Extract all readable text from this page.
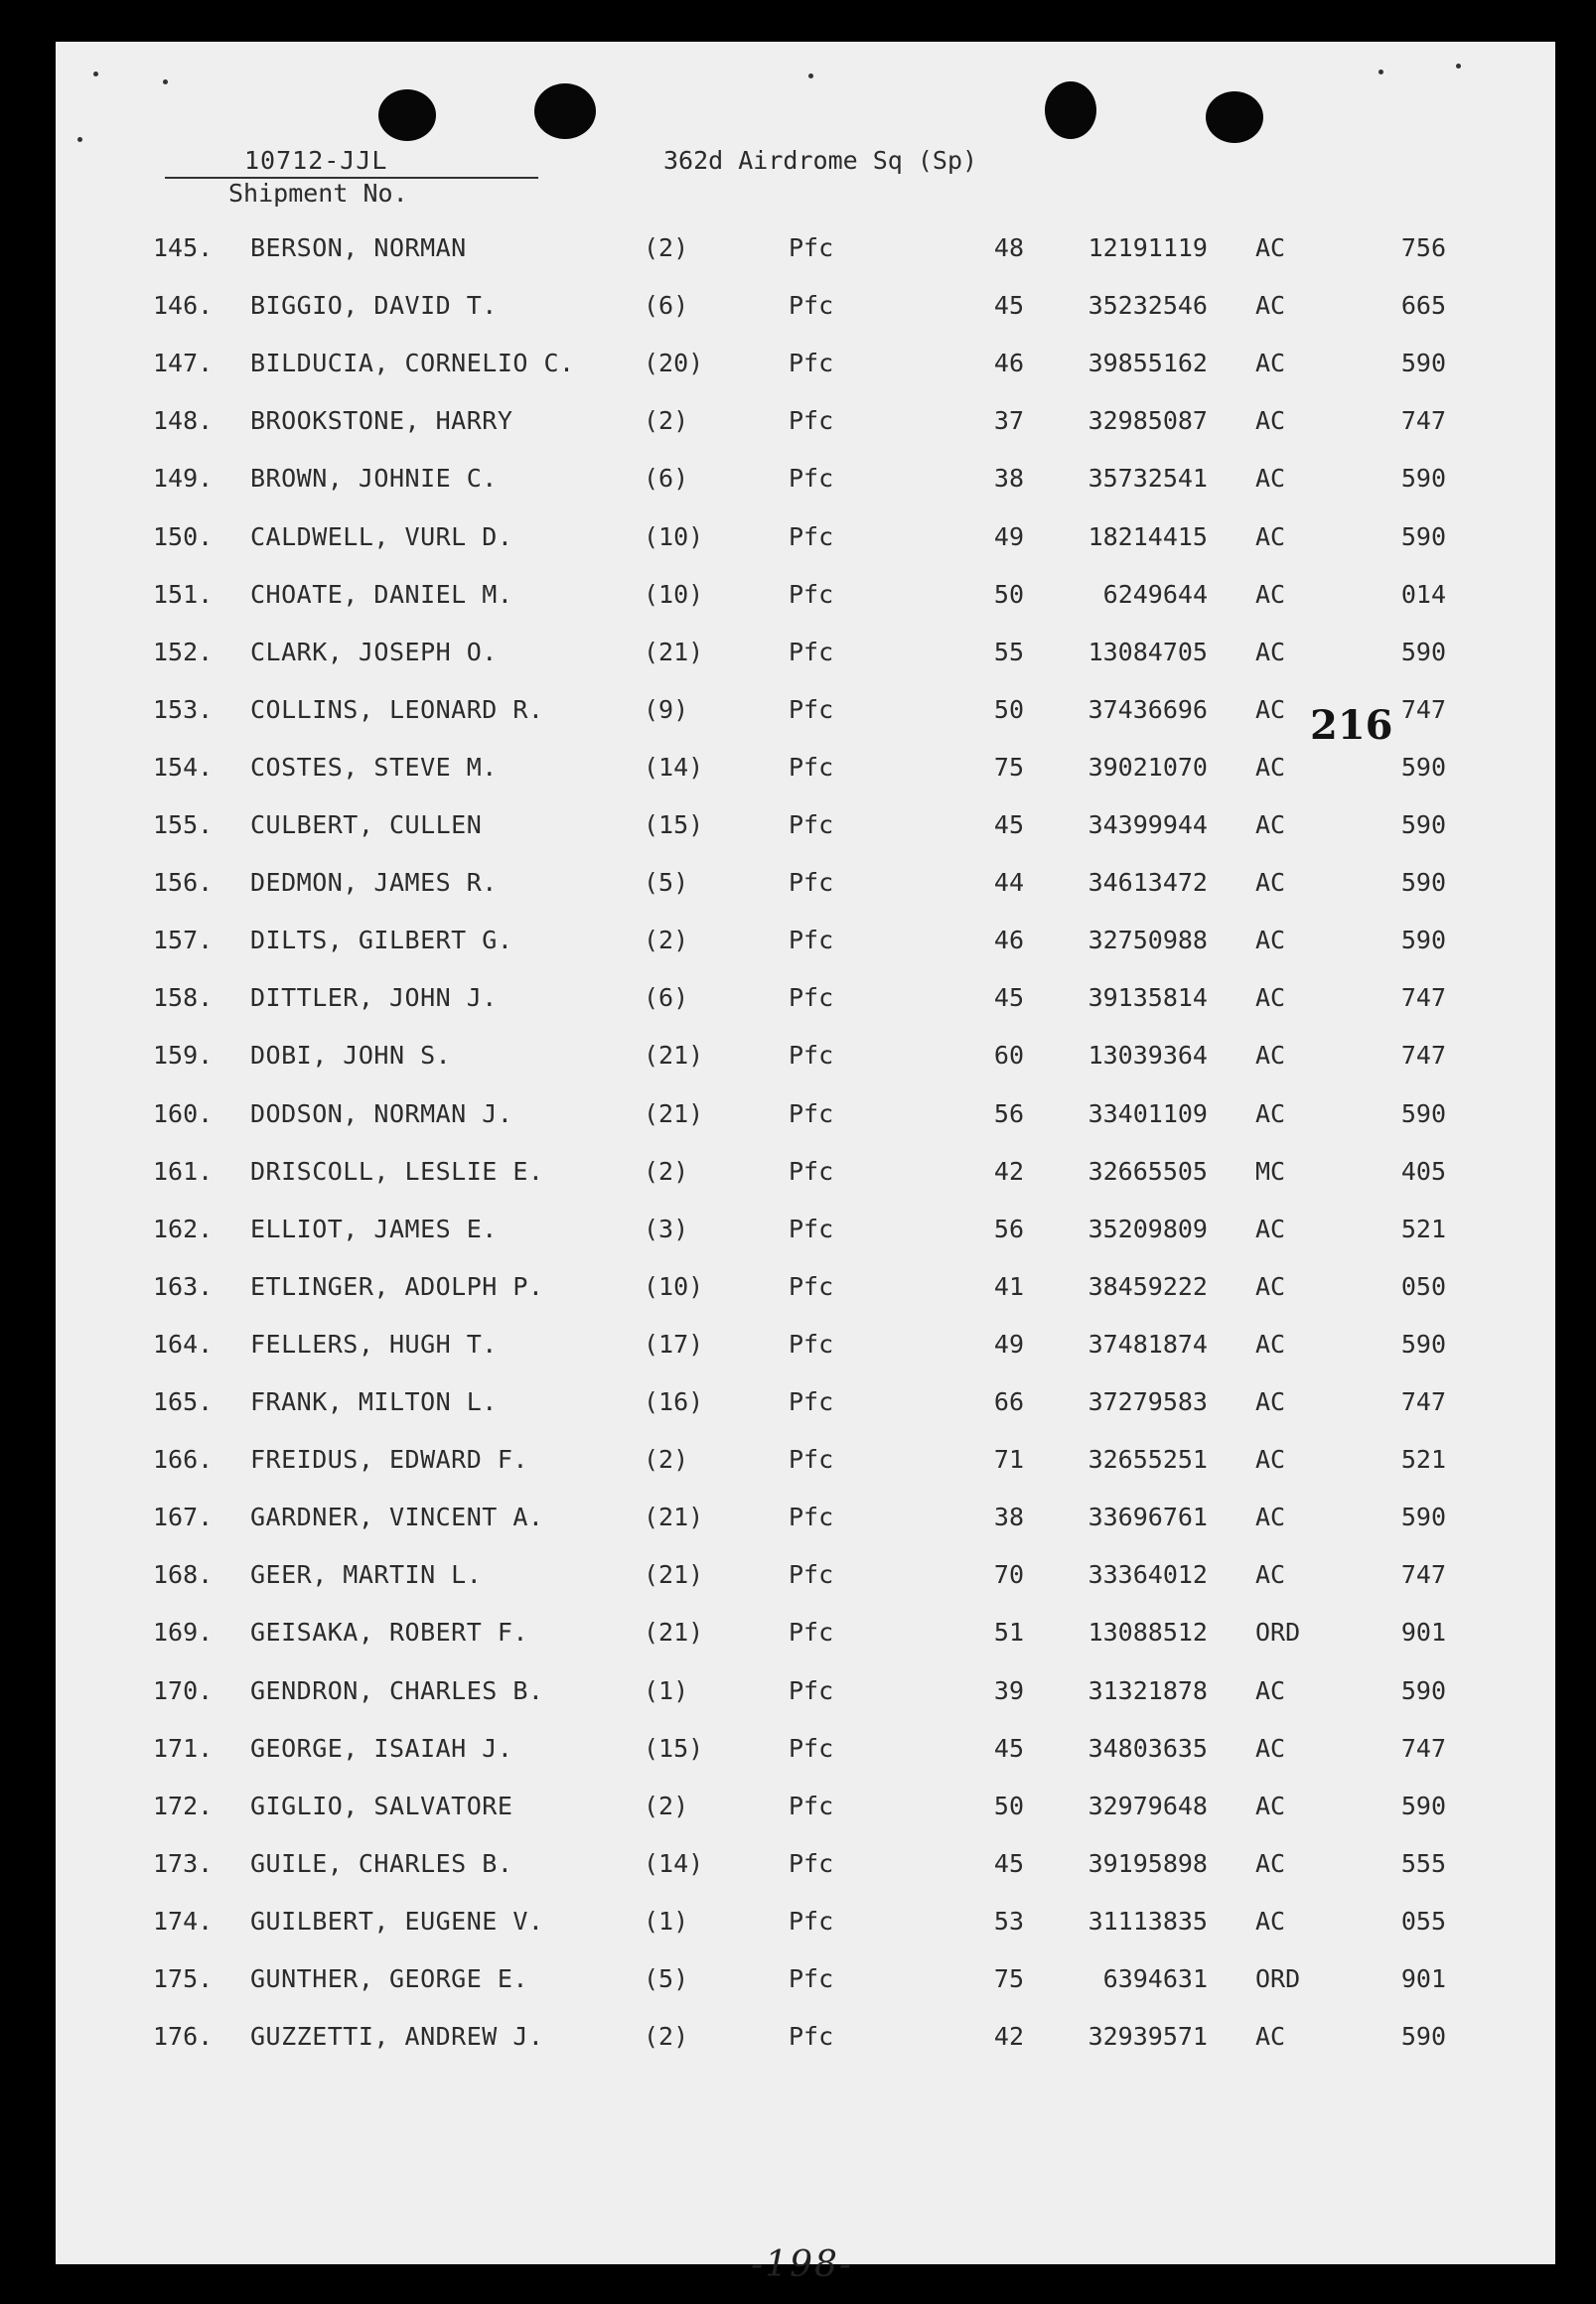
10712-JJL
Shipment No.
362d Airdrome Sq (Sp)
145. BERSON, NORMAN	(2)	Pfc	48	12191119 AC	756
146. BIGGIO, DAVID T.	(6)	Pfc	45	35232546 AC	665
147. BILDUCIA, CORNELIO C.	(20)	Pfc	46	39855162 AC	590
148. BROOKSTONE, HARRY	(2)	Pfc	37	32985087 AC	747
149. BROWN, JOHNIE C.	(6)	Pfc	38	35732541 AC	590
150. CALDWELL, VURL D.	(10)	Pfc	49	18214415 AC	590
151. CHOATE, DANIEL M.	(10)	Pfc	50	6249644 AC	014
152. CLARK, JOSEPH O.	(21)	Pfc	55	13084705 AC	590
153. COLLINS, LEONARD R.	(9)	Pfc	50	37436696 AC	747
154. COSTES, STEVE M.	(14)	Pfc	75	39021070 AC	590
155. CULBERT, CULLEN	(15)	Pfc	45	34399944 AC	590
156. DEDMON, JAMES R.	(5)	Pfc	44	34613472 AC	590
157. DILTS, GILBERT G.	(2)	Pfc	46	32750988 AC	590
158. DITTLER, JOHN J.	(6)	Pfc	45	39135814 AC	747
159. DOBI, JOHN S.	(21)	Pfc	60	13039364 AC	747
160. DODSON, NORMAN J.	(21)	Pfc	56	33401109 AC	590
161. DRISCOLL, LESLIE E.	(2)	Pfc	42	32665505 MC	405
162. ELLIOT, JAMES E.	(3)	Pfc	56	35209809 AC	521
163. ETLINGER, ADOLPH P.	(10)	Pfc	41	38459222 AC	050
164. FELLERS, HUGH T.	(17)	Pfc	49	37481874 AC	590
165. FRANK, MILTON L.	(16)	Pfc	66	37279583 AC	747
166. FREIDUS, EDWARD F.	(2)	Pfc	71	32655251 AC	521
167. GARDNER, VINCENT A.	(21)	Pfc	38	33696761 AC	590
168. GEER, MARTIN L.	(21)	Pfc	70	33364012 AC	747
169. GEISAKA, ROBERT F.	(21)	Pfc	51	13088512 ORD	901
170. GENDRON, CHARLES B.	(1)	Pfc	39	31321878 AC	590
171. GEORGE, ISAIAH J.	(15)	Pfc	45	34803635 AC	747
172. GIGLIO, SALVATORE	(2)	Pfc	50	32979648 AC	590
173. GUILE, CHARLES B.	(14)	Pfc	45	39195898 AC	555
174. GUILBERT, EUGENE V.	(1)	Pfc	53	31113835 AC	055
175. GUNTHER, GEORGE E.	(5)	Pfc	75	6394631 ORD	901
176. GUZZETTI, ANDREW J.	(2)	Pfc	42	32939571 AC	590
216
-198-
